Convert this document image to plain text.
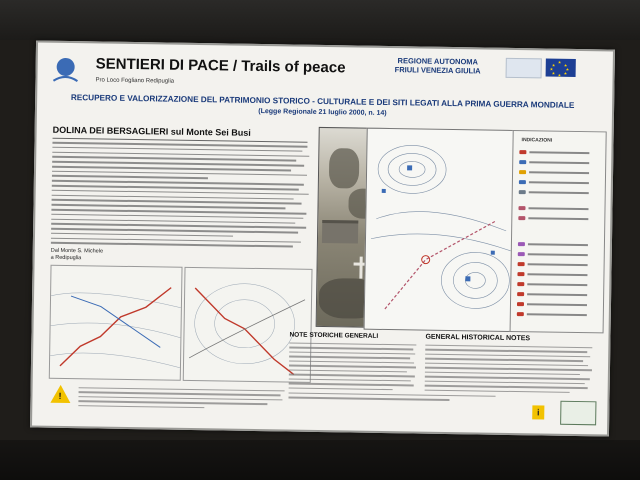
SENTIERI DI PACE / Trails of peace
Pro Loco Fogliano Redipuglia
REGIONE AUTONOMA
FRIULI VENEZIA GIULIA
★
★ ★
★	★
★ ★
★
RECUPERO E VALORIZZAZIONE DEL PATRIMONIO STORICO - CULTURALE E DEI SITI LEGATI ALLA PRIMA GUERRA MONDIALE
(Legge Regionale 21 luglio 2000, n. 14)
DOLINA DEI BERSAGLIERI sul Monte Sei Busi
INDICAZIONI
Dal Monte S. Michele
a Redipuglia
NOTE STORICHE GENERALI	GENERAL HISTORICAL NOTES
!
i
